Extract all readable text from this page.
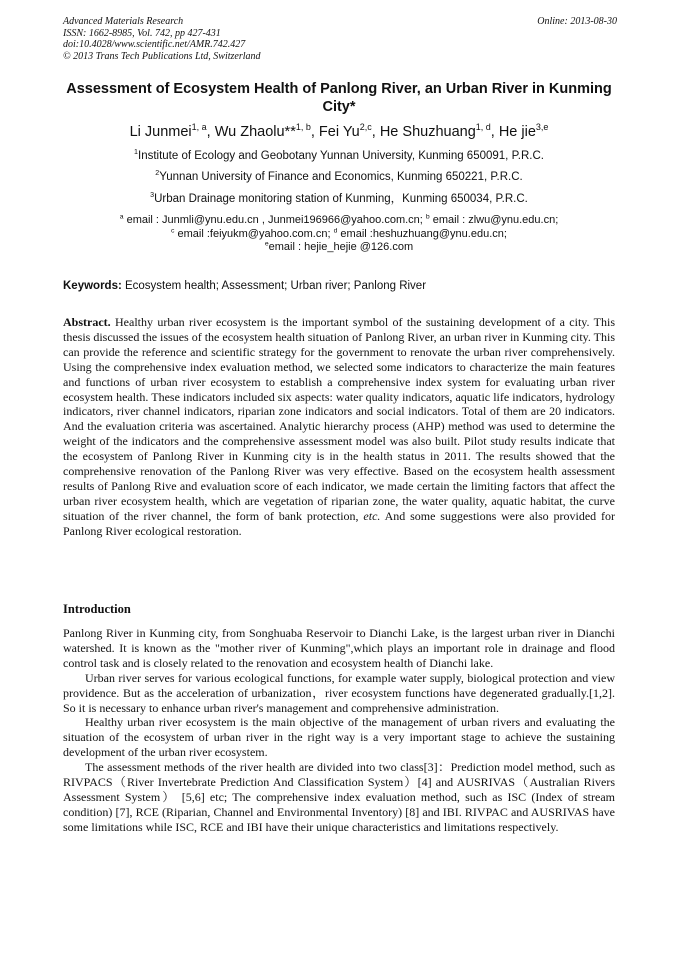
Advanced Materials Research
ISSN: 1662-8985, Vol. 742, pp 427-431
doi:10.4028/www.scientific.net/AMR.742.427
© 2013 Trans Tech Publications Ltd, Switzerland
Online: 2013-08-30
Assessment of Ecosystem Health of Panlong River, an Urban River in Kunming City*
Li Junmei$^{1, a}$, Wu Zhaolu**$^{1, b}$, Fei Yu$^{2,c}$, He Shuzhuang$^{1, d}$, He jie$^{3,e}$
$^1$Institute of Ecology and Geobotany Yunnan University, Kunming 650091, P.R.C.
$^2$Yunnan University of Finance and Economics, Kunming 650221, P.R.C.
$^3$Urban Drainage monitoring station of Kunming，Kunming 650034, P.R.C.
$^a$ email : Junmli@ynu.edu.cn , Junmei196966@yahoo.com.cn; $^b$ email : zlwu@ynu.edu.cn;
$^c$ email :feiyukm@yahoo.com.cn; $^d$ email :heshuzhuang@ynu.edu.cn;
$^e$email : hejie_hejie @126.com
Keywords: Ecosystem health; Assessment; Urban river; Panlong River
Abstract. Healthy urban river ecosystem is the important symbol of the sustaining development of a city. This thesis discussed the issues of the ecosystem health situation of Panlong River, an urban river in Kunming city. This can provide the reference and scientific strategy for the government to renovate the urban river comprehensively. Using the comprehensive index evaluation method, we selected some indicators to characterize the main features and functions of urban river ecosystem to establish a comprehensive index system for evaluating urban river ecosystem health. These indicators included six aspects: water quality indicators, aquatic life indicators, hydrology indicators, river channel indicators, riparian zone indicators and social indicators. Total of them are 20 indicators. And the evaluation criteria was ascertained. Analytic hierarchy process (AHP) method was used to determine the weight of the indicators and the comprehensive assessment model was also built. Pilot study results indicate that the ecosystem of Panlong River in Kunming city is in the health status in 2011. The results showed that the comprehensive renovation of the Panlong River was very effective. Based on the ecosystem health assessment results of Panlong Rive and evaluation score of each indicator, we made certain the limiting factors that affect the urban river ecosystem health, which are vegetation of riparian zone, the water quality, aquatic habitat, the curve situation of the river channel, the form of bank protection, etc. And some suggestions were also provided for Panlong River ecological restoration.
Introduction

Panlong River in Kunming city, from Songhuaba Reservoir to Dianchi Lake, is the largest urban river in Dianchi watershed. It is known as the "mother river of Kunming",which plays an important role in drainage and flood control task and is closely related to the renovation and ecosystem health of Dianchi lake.

Urban river serves for various ecological functions, for example water supply, biological protection and view providence. But as the acceleration of urbanization，river ecosystem functions have degenerated gradually.[1,2]. So it is necessary to enhance urban river's management and comprehensive administration.

Healthy urban river ecosystem is the main objective of the management of urban rivers and evaluating the situation of the ecosystem of urban river in the right way is a very important stage to achieve the sustaining development of the urban river ecosystem.

The assessment methods of the river health are divided into two class[3]：Prediction model method, such as RIVPACS（River Invertebrate Prediction And Classification System）[4] and AUSRIVAS（Australian Rivers Assessment System） [5,6] etc; The comprehensive index evaluation method, such as ISC (Index of stream condition) [7], RCE (Riparian, Channel and Environmental Inventory) [8] and IBI. RIVPAC and AUSRIVAS have some limitations while ISC, RCE and IBI have their unique characteristics and limitations respectively.
